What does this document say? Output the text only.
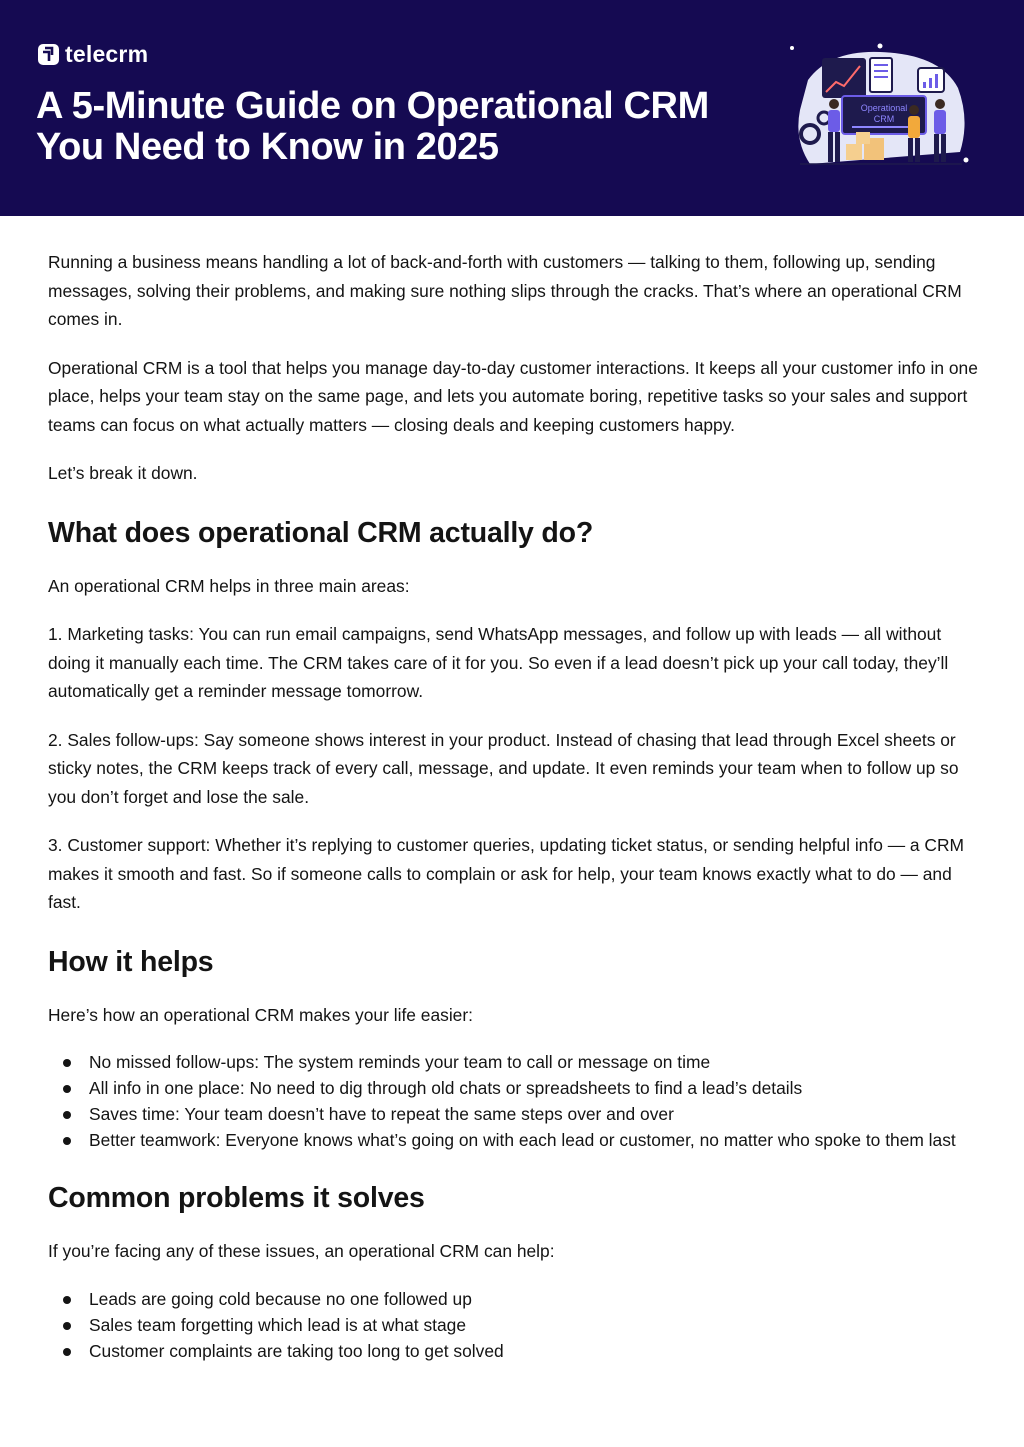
telecrm
A 5-Minute Guide on Operational CRM You Need to Know in 2025
Operational
CRM

Running a business means handling a lot of back-and-forth with customers — talking to them, following up, sending messages, solving their problems, and making sure nothing slips through the cracks. That’s where an operational CRM comes in.

Operational CRM is a tool that helps you manage day-to-day customer interactions. It keeps all your customer info in one place, helps your team stay on the same page, and lets you automate boring, repetitive tasks so your sales and support teams can focus on what actually matters — closing deals and keeping customers happy.

Let’s break it down.

What does operational CRM actually do?

An operational CRM helps in three main areas:

1. Marketing tasks: You can run email campaigns, send WhatsApp messages, and follow up with leads — all without doing it manually each time. The CRM takes care of it for you. So even if a lead doesn’t pick up your call today, they’ll automatically get a reminder message tomorrow.

2. Sales follow-ups: Say someone shows interest in your product. Instead of chasing that lead through Excel sheets or sticky notes, the CRM keeps track of every call, message, and update. It even reminds your team when to follow up so you don’t forget and lose the sale.

3. Customer support: Whether it’s replying to customer queries, updating ticket status, or sending helpful info — a CRM makes it smooth and fast. So if someone calls to complain or ask for help, your team knows exactly what to do — and fast.

How it helps

Here’s how an operational CRM makes your life easier:

No missed follow-ups: The system reminds your team to call or message on time
All info in one place: No need to dig through old chats or spreadsheets to find a lead’s details
Saves time: Your team doesn’t have to repeat the same steps over and over
Better teamwork: Everyone knows what’s going on with each lead or customer, no matter who spoke to them last
Common problems it solves

If you’re facing any of these issues, an operational CRM can help:

Leads are going cold because no one followed up
Sales team forgetting which lead is at what stage
Customer complaints are taking too long to get solved
